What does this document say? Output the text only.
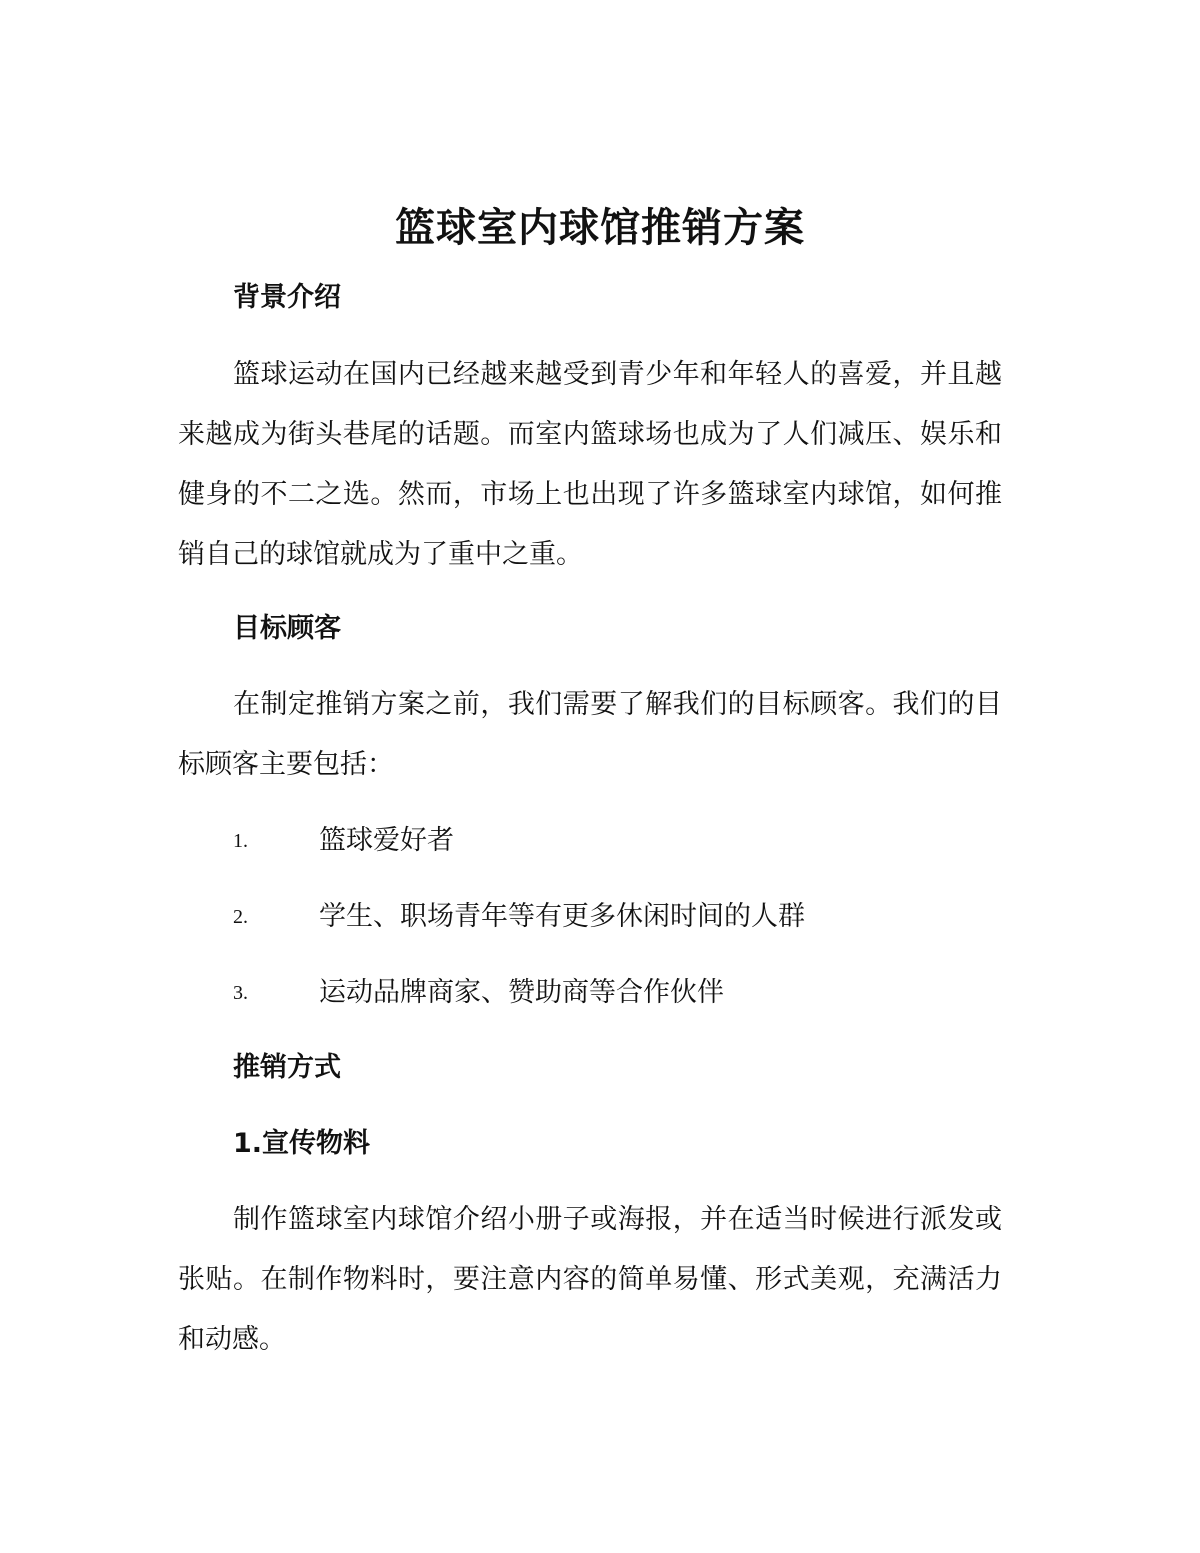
篮球室内球馆推销方案
背景介绍

篮球运动在国内已经越来越受到青少年和年轻人的喜爱，并且越来越成为街头巷尾的话题。而室内篮球场也成为了人们减压、娱乐和健身的不二之选。然而，市场上也出现了许多篮球室内球馆，如何推销自己的球馆就成为了重中之重。

目标顾客

在制定推销方案之前，我们需要了解我们的目标顾客。我们的目标顾客主要包括：

1.	篮球爱好者
2.	学生、职场青年等有更多休闲时间的人群
3.	运动品牌商家、赞助商等合作伙伴
推销方式
1.宣传物料

制作篮球室内球馆介绍小册子或海报，并在适当时候进行派发或张贴。在制作物料时，要注意内容的简单易懂、形式美观，充满活力和动感。
